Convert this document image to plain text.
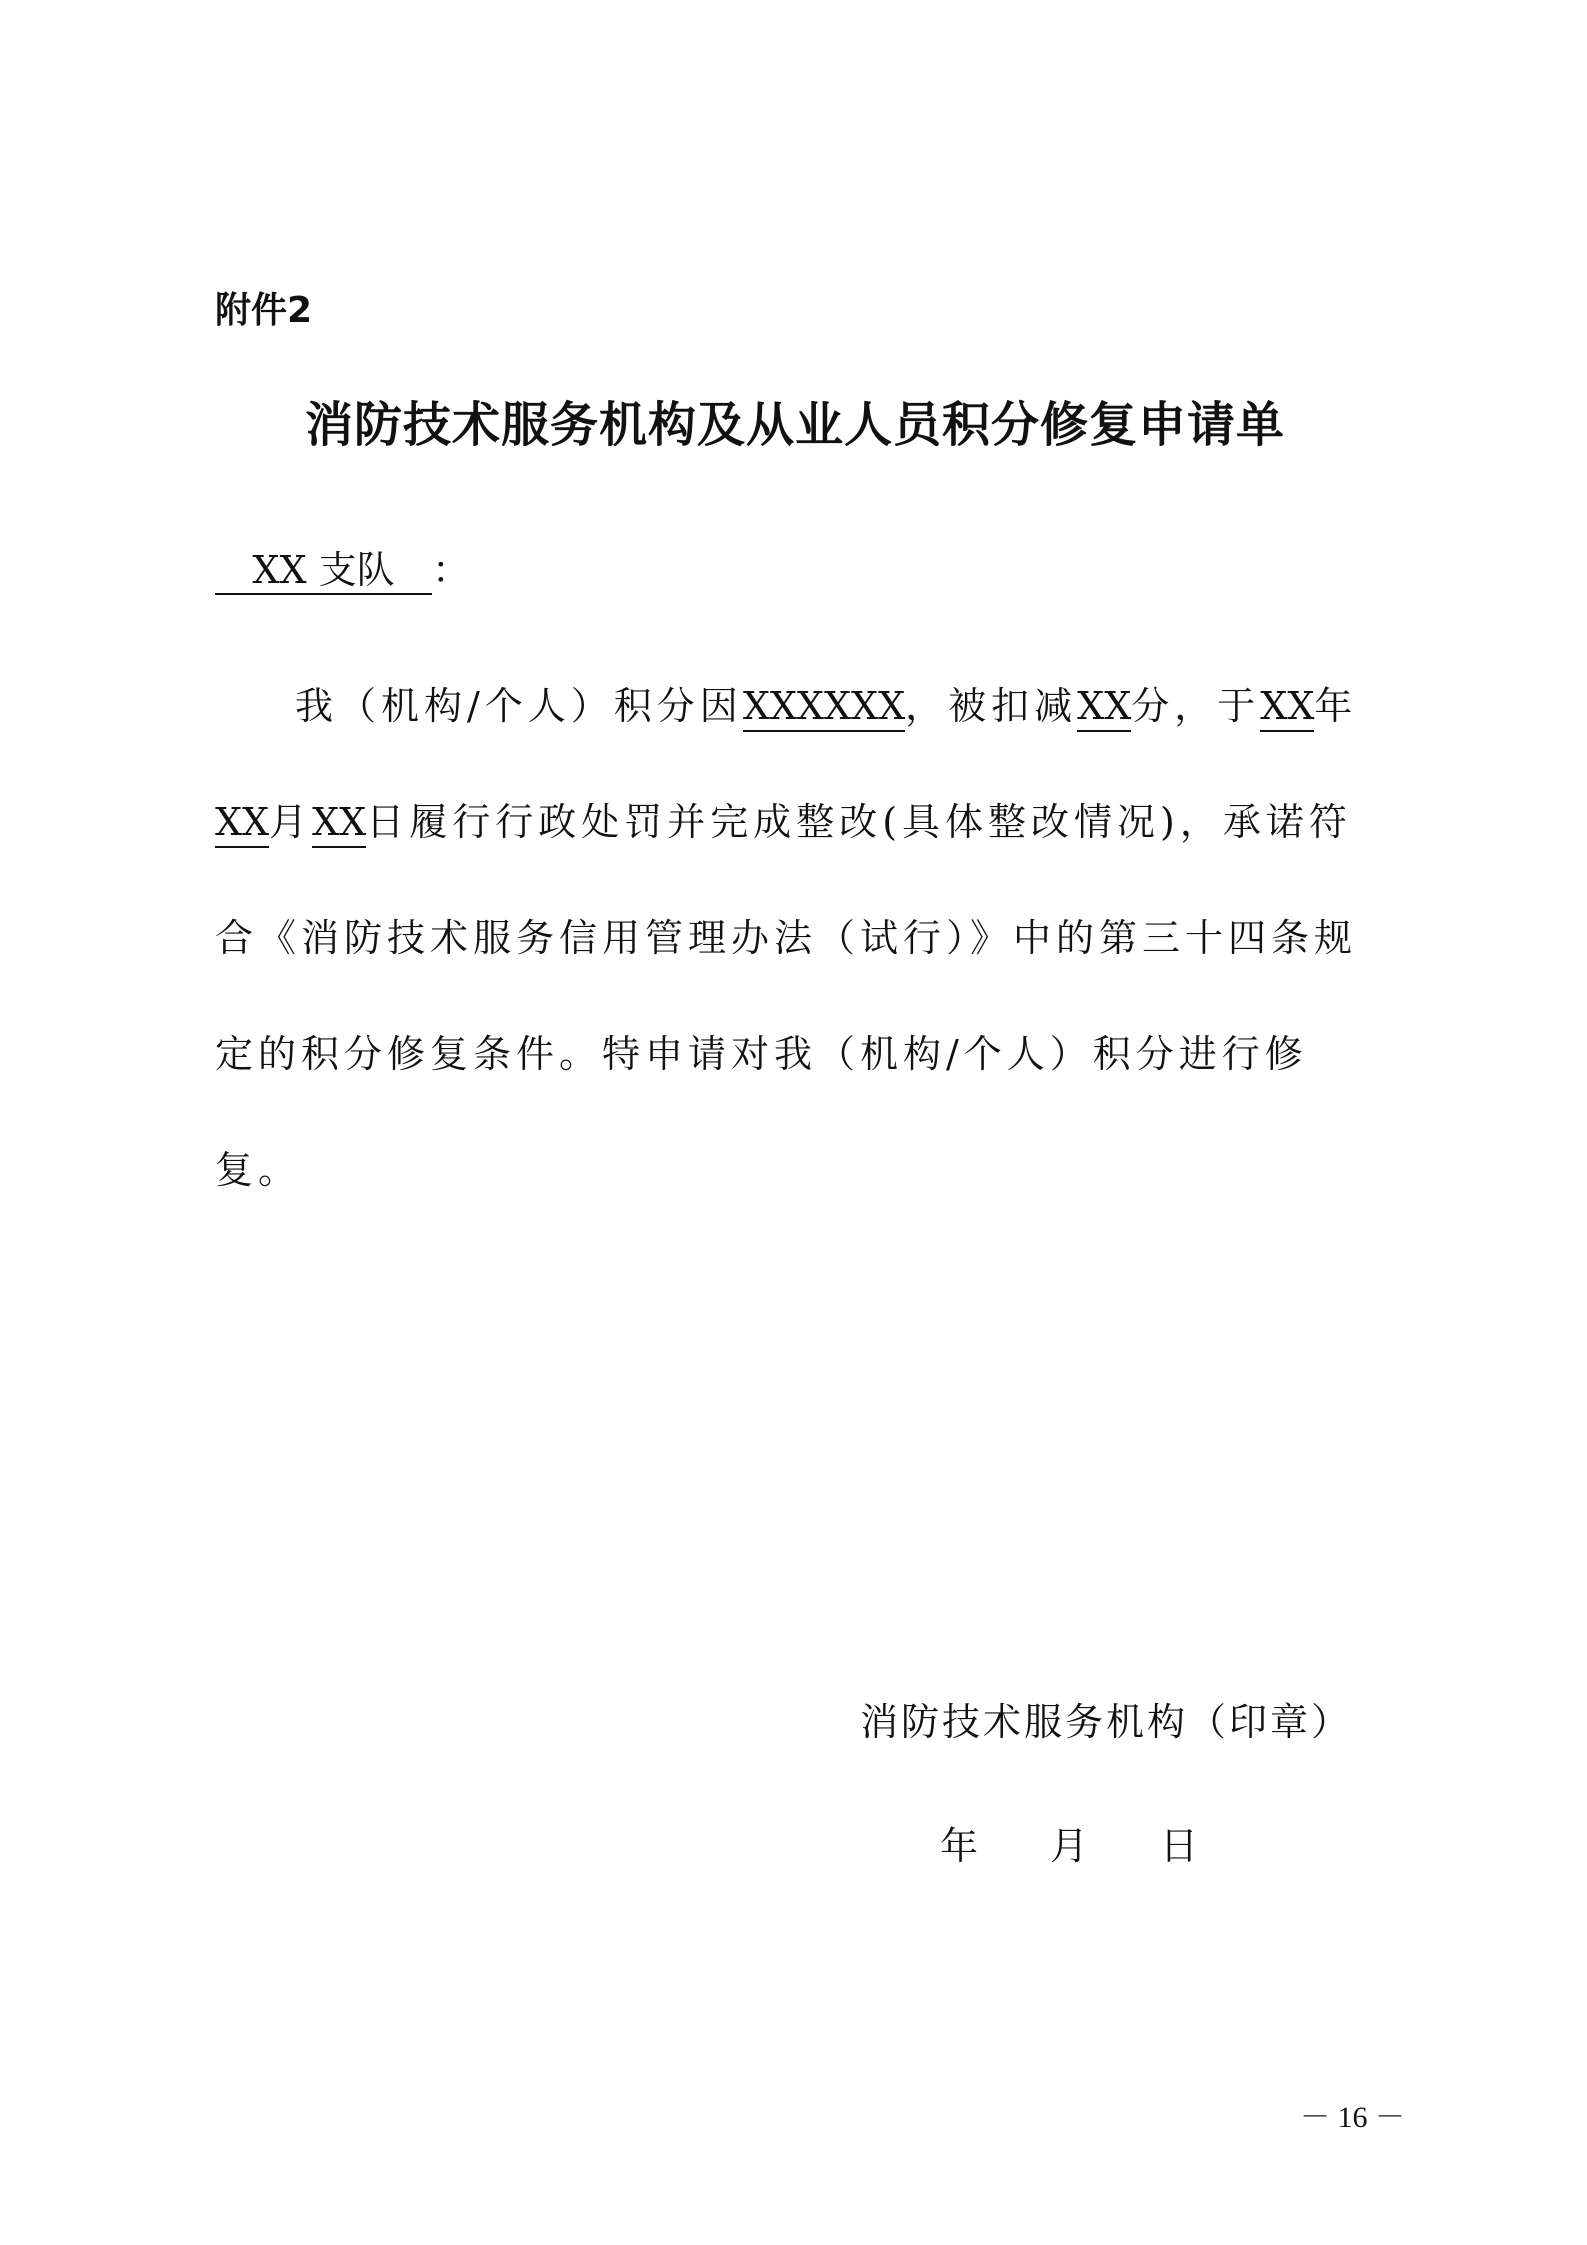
附件2

消防技术服务机构及从业人员积分修复申请单

XX 支队 ：

我（机构/个人）积分因XXXXXX，被扣减XX分，于XX年XX月XX日履行行政处罚并完成整改(具体整改情况)，承诺符合《消防技术服务信用管理办法（试行）》中的第三十四条规定的积分修复条件。特申请对我（机构/个人）积分进行修复。

消防技术服务机构（印章）

年 月 日

－ 16 －
